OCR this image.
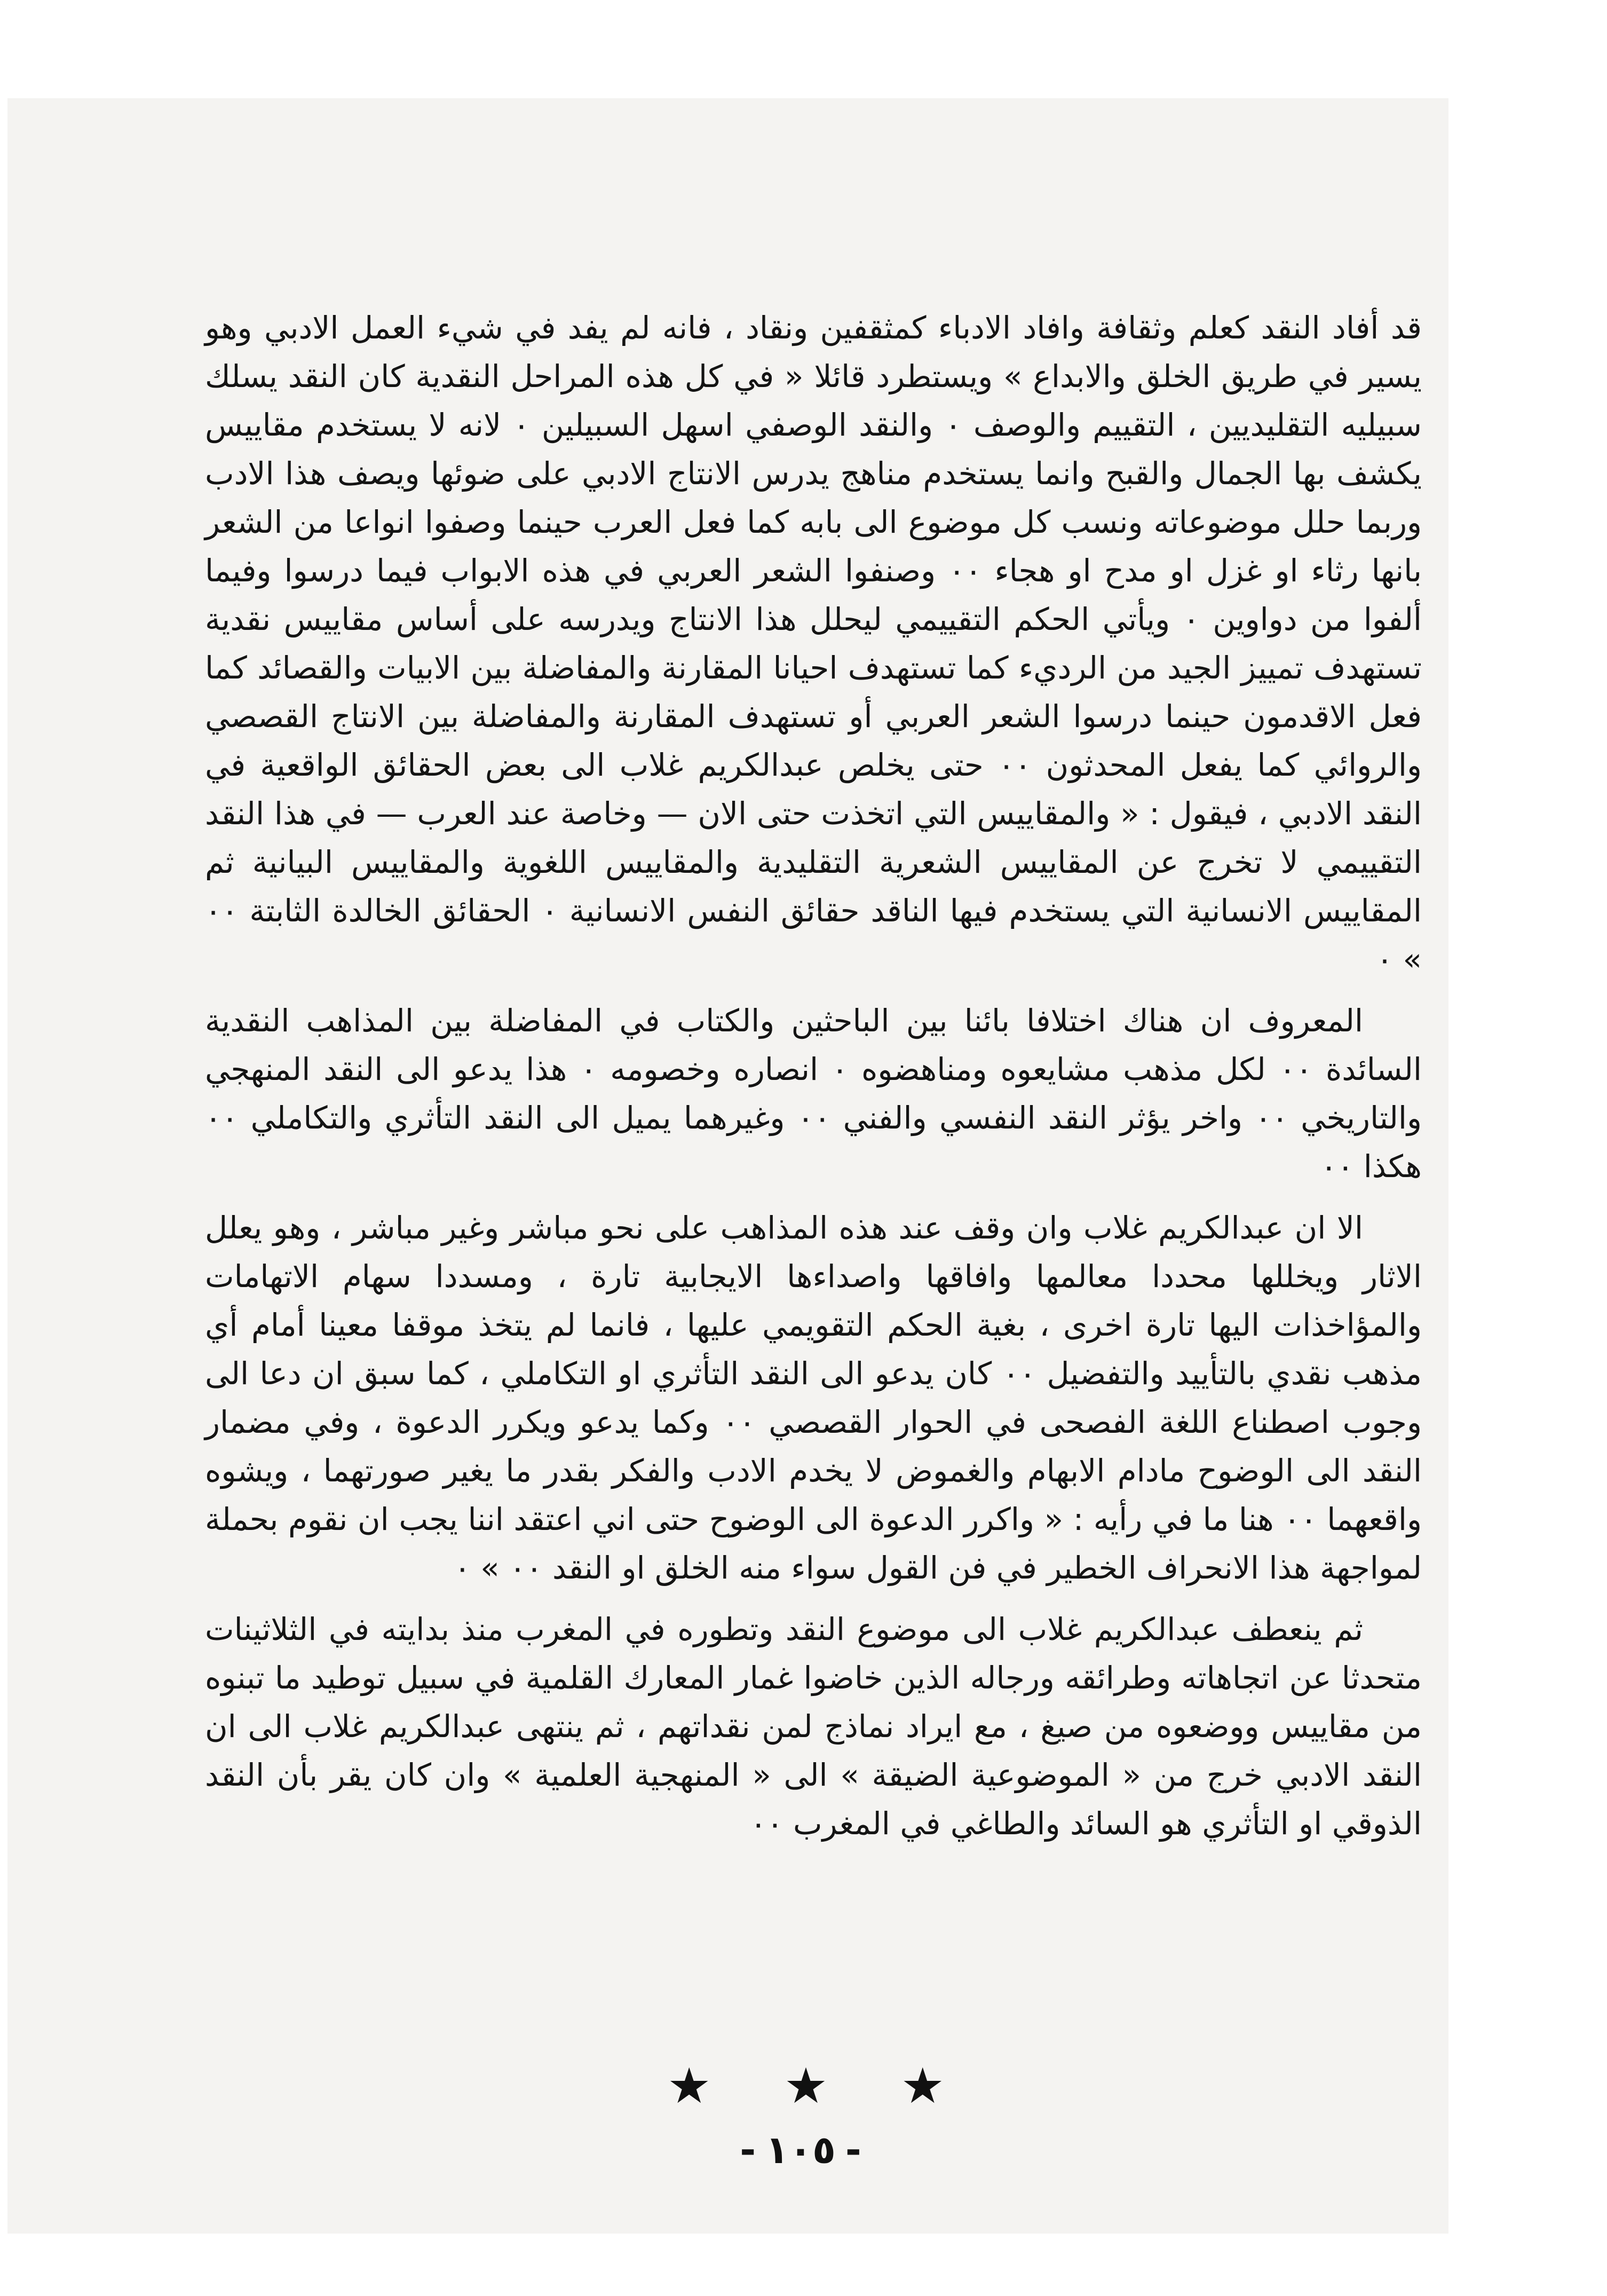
قد أفاد النقد كعلم وثقافة وافاد الادباء كمثقفين ونقاد ، فانه لم يفد في شيء العمل الادبي وهو يسير في طريق الخلق والابداع » ويستطرد قائلا « في كل هذه المراحل النقدية كان النقد يسلك سبيليه التقليديين ، التقييم والوصف ٠ والنقد الوصفي اسهل السبيلين ٠ لانه لا يستخدم مقاييس يكشف بها الجمال والقبح وانما يستخدم مناهج يدرس الانتاج الادبي على ضوئها ويصف هذا الادب وربما حلل موضوعاته ونسب كل موضوع الى بابه كما فعل العرب حينما وصفوا انواعا من الشعر بانها رثاء او غزل او مدح او هجاء ٠٠ وصنفوا الشعر العربي في هذه الابواب فيما درسوا وفيما ألفوا من دواوين ٠ ويأتي الحكم التقييمي ليحلل هذا الانتاج ويدرسه على أساس مقاييس نقدية تستهدف تمييز الجيد من الرديء كما تستهدف احيانا المقارنة والمفاضلة بين الابيات والقصائد كما فعل الاقدمون حينما درسوا الشعر العربي أو تستهدف المقارنة والمفاضلة بين الانتاج القصصي والروائي كما يفعل المحدثون ٠٠ حتى يخلص عبدالكريم غلاب الى بعض الحقائق الواقعية في النقد الادبي ، فيقول : « والمقاييس التي اتخذت حتى الان — وخاصة عند العرب — في هذا النقد التقييمي لا تخرج عن المقاييس الشعرية التقليدية والمقاييس اللغوية والمقاييس البيانية ثم المقاييس الانسانية التي يستخدم فيها الناقد حقائق النفس الانسانية ٠ الحقائق الخالدة الثابتة ٠٠ » ٠

المعروف ان هناك اختلافا بائنا بين الباحثين والكتاب في المفاضلة بين المذاهب النقدية السائدة ٠٠ لكل مذهب مشايعوه ومناهضوه ٠ انصاره وخصومه ٠ هذا يدعو الى النقد المنهجي والتاريخي ٠٠ واخر يؤثر النقد النفسي والفني ٠٠ وغيرهما يميل الى النقد التأثري والتكاملي ٠٠ هكذا ٠٠

الا ان عبدالكريم غلاب وان وقف عند هذه المذاهب على نحو مباشر وغير مباشر ، وهو يعلل الاثار ويخللها محددا معالمها وافاقها واصداءها الايجابية تارة ، ومسددا سهام الاتهامات والمؤاخذات اليها تارة اخرى ، بغية الحكم التقويمي عليها ، فانما لم يتخذ موقفا معينا أمام أي مذهب نقدي بالتأييد والتفضيل ٠٠ كان يدعو الى النقد التأثري او التكاملي ، كما سبق ان دعا الى وجوب اصطناع اللغة الفصحى في الحوار القصصي ٠٠ وكما يدعو ويكرر الدعوة ، وفي مضمار النقد الى الوضوح مادام الابهام والغموض لا يخدم الادب والفكر بقدر ما يغير صورتهما ، ويشوه واقعهما ٠٠ هنا ما في رأيه : « واكرر الدعوة الى الوضوح حتى اني اعتقد اننا يجب ان نقوم بحملة لمواجهة هذا الانحراف الخطير في فن القول سواء منه الخلق او النقد ٠٠ » ٠

ثم ينعطف عبدالكريم غلاب الى موضوع النقد وتطوره في المغرب منذ بدايته في الثلاثينات متحدثا عن اتجاهاته وطرائقه ورجاله الذين خاضوا غمار المعارك القلمية في سبيل توطيد ما تبنوه من مقاييس ووضعوه من صيغ ، مع ايراد نماذج لمن نقداتهم ، ثم ينتهى عبدالكريم غلاب الى ان النقد الادبي خرج من « الموضوعية الضيقة » الى « المنهجية العلمية » وان كان يقر بأن النقد الذوقي او التأثري هو السائد والطاغي في المغرب ٠٠

★ ★ ★
-١٠٥-
